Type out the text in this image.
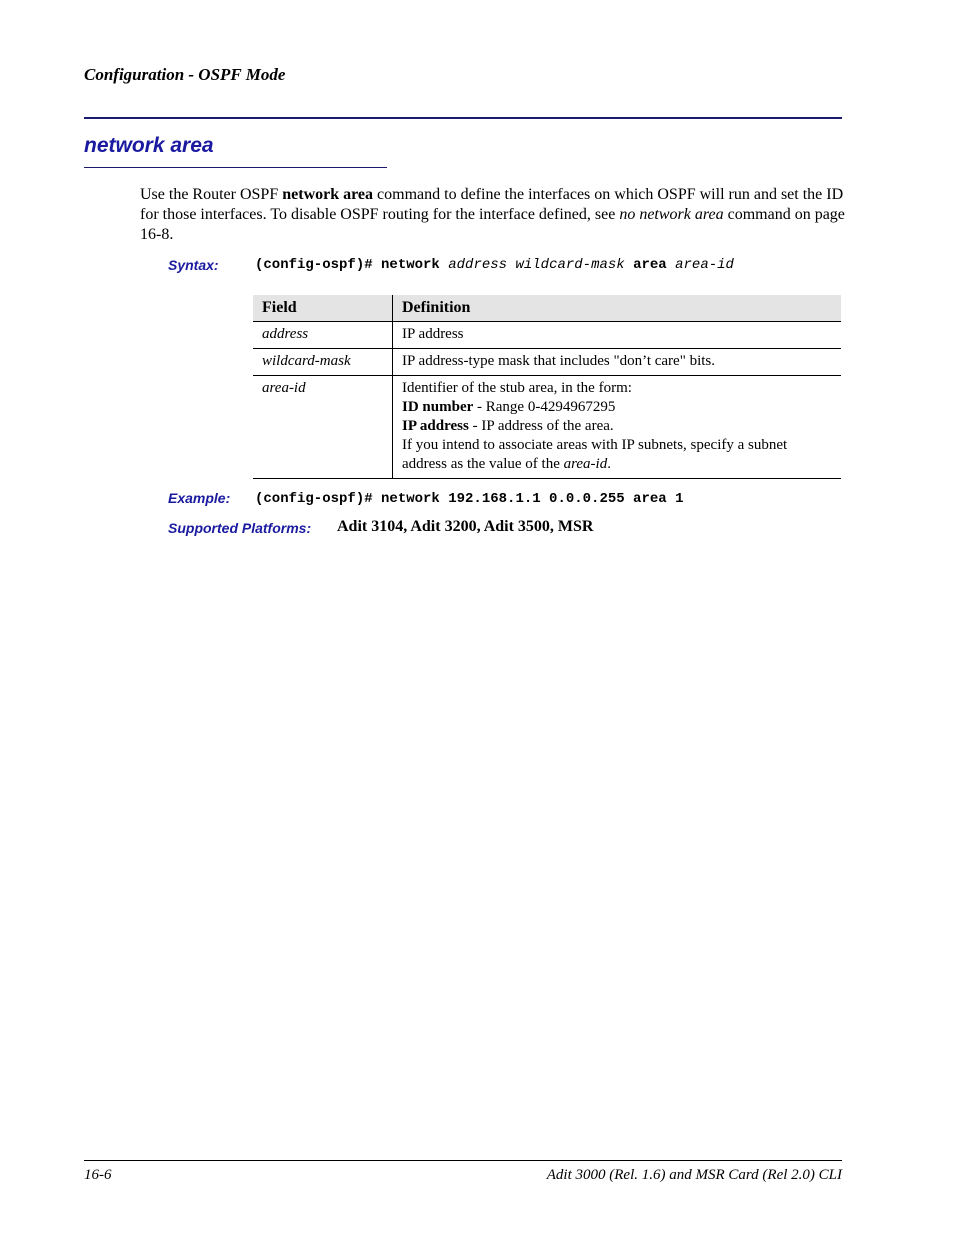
Configuration - OSPF Mode
network area
Use the Router OSPF network area command to define the interfaces on which OSPF will run and set the ID for those interfaces. To disable OSPF routing for the interface defined, see no network area command on page 16-8.
Syntax:	(config-ospf)# network address wildcard-mask area area-id
Field	Definition
address	IP address
wildcard-mask	IP address-type mask that includes "don’t care" bits.
area-id	Identifier of the stub area, in the form:
ID number - Range 0-4294967295
IP address - IP address of the area.
If you intend to associate areas with IP subnets, specify a subnet address as the value of the area-id.
Example: (config-ospf)# network 192.168.1.1 0.0.0.255 area 1
Supported Platforms: Adit 3104, Adit 3200, Adit 3500, MSR
16-6	Adit 3000 (Rel. 1.6) and MSR Card (Rel 2.0) CLI
